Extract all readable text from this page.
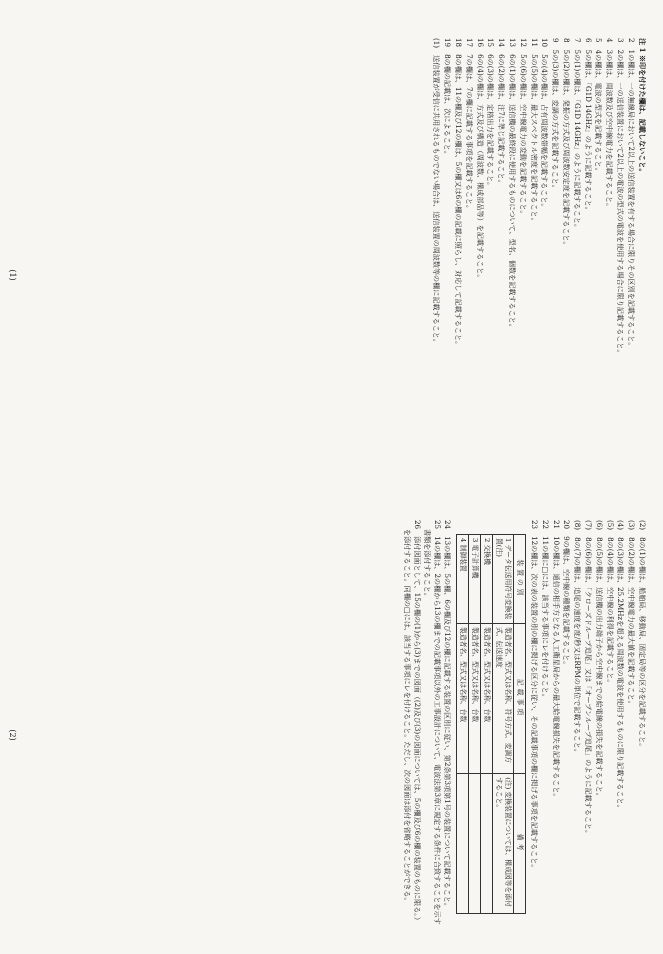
注 1 ※印を付けた欄は、記載しないこと。

2　1の欄は、一の無線局において2以上の送信装置を有する場合に限りその区別を記載すること。

3　2の欄は、一の送信装置において2以上の電波の型式の電波を使用する場合に限り記載すること。

4　3の欄は、周波数及び空中線電力を記載すること。

5　4の欄は、電波の型式を記載すること。

6　5の欄は、「G1D 14GHz」のように記載すること。

7　5の(1)の欄は、「G1D 14GHz」のように記載すること。

8　5の(2)の欄は、発振の方式及び周波数安定度を記載すること。

9　5の(3)の欄は、変調の方式を記載すること。

10　5の(4)の欄は、占有周波数帯幅を記載すること。

11　5の(5)の欄は、最大スペクトル密度を記載すること。

12　5の(6)の欄は、空中線電力の変動を記載すること。

13　6の(1)の欄は、送信機の最終段に使用するものについて、型名、個数を記載すること。

14　6の(2)の欄は、注7に準じ記載すること。

15　6の(3)の欄は、定格出力を記載すること。

16　6の(4)の欄は、方式及び構造（周波数、構成部品等）を記載すること。

17　7の欄は、7の欄に記載する事項を記載すること。

18　8の欄は、11の欄及び12の欄は、5の欄又は6の欄の記載に照らし、対応して記載すること。

19　8の欄の記載は、次によること。

(1)　送信装置が受信に共用されるものでない場合は、送信装置の周波数等の欄に記載すること。

(2)　8の(1)の欄は、船舶局、移動局、固定局等の区分を記載すること。

(3)　8の(2)の欄は、空中線電力の最大値を記載すること。

(4)　8の(3)の欄は、25.2MHzを超える周波数の電波を使用するものに限り記載すること。

(5)　8の(4)の欄は、空中線の利得を記載すること。

(6)　8の(5)の欄は、送信機の出力端子から空中線までの給電線の損失を記載すること。

(7)　8の(6)の欄は、「クローズドループ追尾」又は「オープンループ追尾」のように記載すること。

(8)　8の(7)の欄は、追尾の速度を度/秒又はRPMの単位で記載すること。

20　9の欄は、空中線の種類を記載すること。

21　10の欄は、通信の相手方となる人工衛星局からの最大給電線損失を記載すること。

22　11の欄に□には、該当する事項にレを付けること。

23　12の欄は、次の表の装置の別の欄に掲げる区分に従い、その記載事項の欄に掲げる事項を記載すること。

装置の別	記載事項	備考
1 データ伝送用符号変換装置(注)	製造者名、型式又は名称、符号方式、変調方式、伝送速度	(注) 変換装置については、構成図等を添付すること。
2 交換機	製造者名、型式又は名称、台数	
3 電子計算機	製造者名、型式又は名称、台数	
4 制御装置	製造者名、型式又は名称、台数	

24　13の欄は、5の欄、6の欄及び12の欄に記載する装置の区別に従い、第2条第3項第1号の装置について記載すること。

25　14の欄は、2の欄から13の欄までの記載事項以外の工事設計について、電波法第3章に規定する条件に合致することを示す書類を添付すること。

26　添付図面として、15の欄の(1)から(3)までの図面（(2)及び(3)の図面については、5の欄及び6の欄の装置のものに限る。）を添付すること。同欄の□には、該当する事項にレを付けること。ただし、次の図面は添付を省略することができる。

(1)
(2)
